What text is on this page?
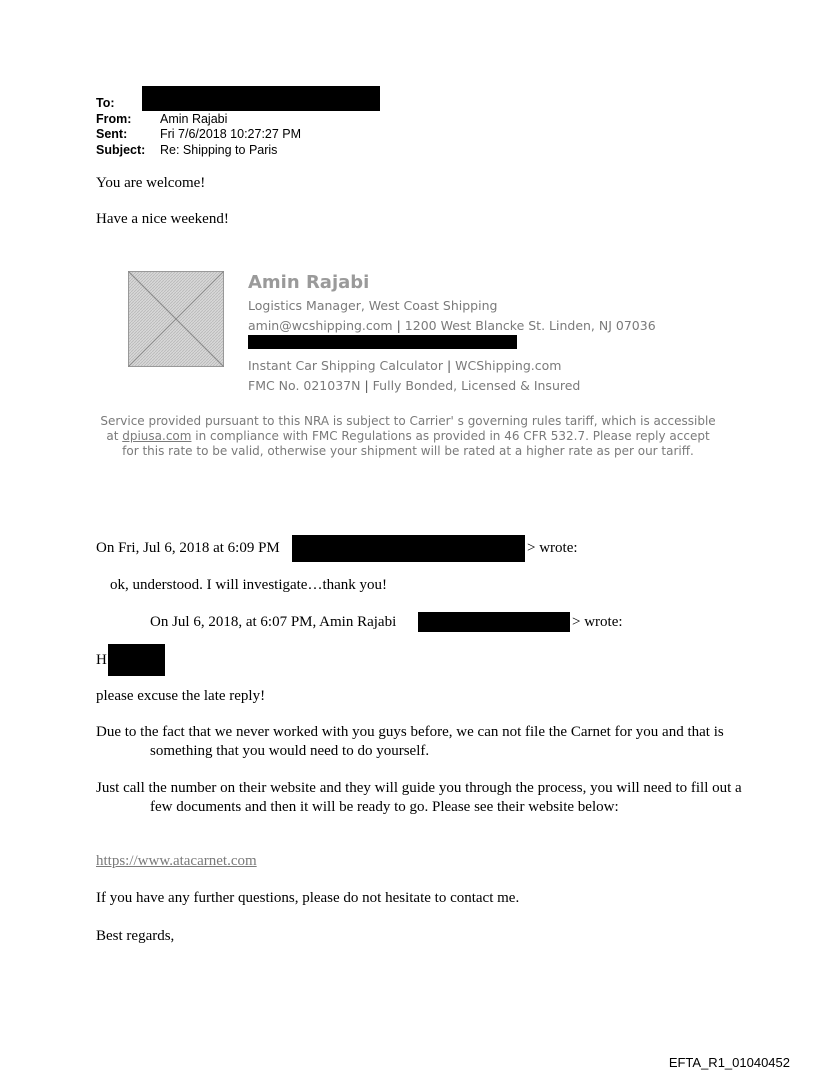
To:
From: Amin Rajabi
Sent:	Fri 7/6/2018 10:27:27 PM
Subject: Re: Shipping to Paris
You are welcome!
Have a nice weekend!
Amin Rajabi
Logistics Manager, West Coast Shipping
amin@wcshipping.com | 1200 West Blancke St. Linden, NJ 07036
Instant Car Shipping Calculator | WCShipping.com
FMC No. 021037N | Fully Bonded, Licensed & Insured
Service provided pursuant to this NRA is subject to Carrier' s governing rules tariff, which is accessible at dpiusa.com in compliance with FMC Regulations as provided in 46 CFR 532.7. Please reply accept for this rate to be valid, otherwise your shipment will be rated at a higher rate as per our tariff.
On Fri, Jul 6, 2018 at 6:09 PM	> wrote:
ok, understood. I will investigate…thank you!
On Jul 6, 2018, at 6:07 PM, Amin Rajabi	> wrote:
H
please excuse the late reply!
Due to the fact that we never worked with you guys before, we can not file the Carnet for you and that is something that you would need to do yourself.
Just call the number on their website and they will guide you through the process, you will need to fill out a few documents and then it will be ready to go. Please see their website below:
https://www.atacarnet.com
If you have any further questions, please do not hesitate to contact me.
Best regards,
EFTA_R1_01040452
